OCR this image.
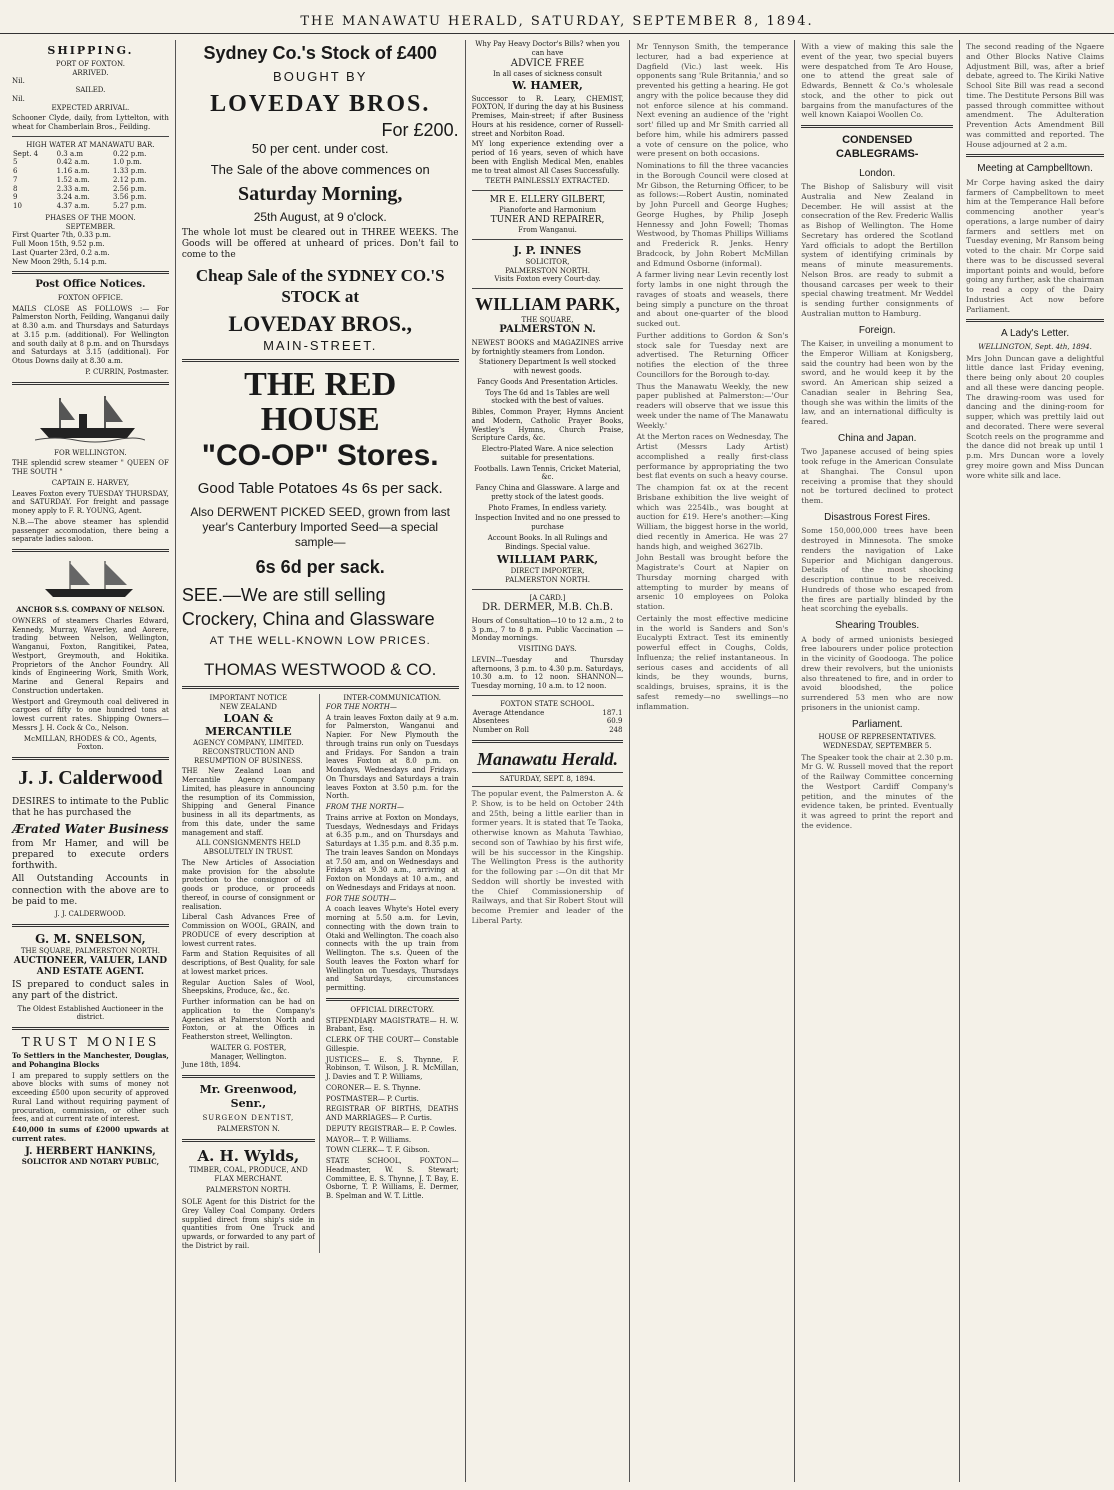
THE MANAWATU HERALD, SATURDAY, SEPTEMBER 8, 1894.
SHIPPING.
PORT OF FOXTON.
ARRIVED.
Nil.
SAILED.
Nil.
EXPECTED ARRIVAL.

Schooner Clyde, daily, from Lyttelton, with wheat for Chamberlain Bros., Feilding.

HIGH WATER AT MANAWATU BAR.
Sept. 4	0.3 a.m	0.22 p.m.
5	0.42 a.m.	1.0 p.m.
6	1.16 a.m.	1.33 p.m.
7	1.52 a.m.	2.12 p.m.
8	2.33 a.m.	2.56 p.m.
9	3.24 a.m.	3.56 p.m.
10	4.37 a.m.	5.27 p.m.
PHASES OF THE MOON.
SEPTEMBER.
First Quarter 7th, 0.33 p.m.
Full Moon 15th, 9.52 p.m.
Last Quarter 23rd, 0.2 a.m.
New Moon 29th, 5.14 p.m.
Post Office Notices.
FOXTON OFFICE.

MAILS CLOSE AS FOLLOWS :— For Palmerston North, Feilding, Wanganui daily at 8.30 a.m. and Thursdays and Saturdays at 3.15 p.m. (additional). For Wellington and south daily at 8 p.m. and on Thursdays and Saturdays at 3.15 (additional). For Otous Downs daily at 8.30 a.m.

P. CURRIN, Postmaster.
FOR WELLINGTON.

THE splendid screw steamer " QUEEN OF THE SOUTH "

CAPTAIN E. HARVEY,

Leaves Foxton every TUESDAY THURSDAY, and SATURDAY. For freight and passage money apply to F. R. YOUNG, Agent.

N.B.—The above steamer has splendid passenger accomodation, there being a separate ladies saloon.

ANCHOR S.S. COMPANY OF NELSON.

OWNERS of steamers Charles Edward, Kennedy, Murray, Waverley, and Aorere, trading between Nelson, Wellington, Wanganui, Foxton, Rangitikei, Patea, Westport, Greymouth, and Hokitika. Proprietors of the Anchor Foundry. All kinds of Engineering Work, Smith Work, Marine and General Repairs and Construction undertaken.

Westport and Greymouth coal delivered in cargoes of fifty to one hundred tons at lowest current rates. Shipping Owners— Messrs J. H. Cock & Co., Nelson.

McMILLAN, RHODES & CO., Agents, Foxton.
J. J. Calderwood

DESIRES to intimate to the Public that he has purchased the

Ærated Water Business

from Mr Hamer, and will be prepared to execute orders forthwith.

All Outstanding Accounts in connection with the above are to be paid to me.

J. J. CALDERWOOD.
G. M. SNELSON,
THE SQUARE, PALMERSTON NORTH.
AUCTIONEER, VALUER, LAND AND ESTATE AGENT.

IS prepared to conduct sales in any part of the district.

The Oldest Established Auctioneer in the district.
TRUST MONIES

To Settlers in the Manchester, Douglas, and Pohangina Blocks

I am prepared to supply settlers on the above blocks with sums of money not exceeding £500 upon security of approved Rural Land without requiring payment of procuration, commission, or other such fees, and at current rate of interest.

£40,000 in sums of £2000 upwards at current rates.

J. HERBERT HANKINS,
SOLICITOR AND NOTARY PUBLIC,
Sydney Co.'s Stock of £400
BOUGHT BY
LOVEDAY BROS.
For £200.
50 per cent. under cost.
The Sale of the above commences on
Saturday Morning,
25th August, at 9 o'clock.

The whole lot must be cleared out in THREE WEEKS. The Goods will be offered at unheard of prices. Don't fail to come to the

Cheap Sale of the SYDNEY CO.'S STOCK at
LOVEDAY BROS.,
MAIN-STREET.
THE RED HOUSE
"CO-OP" Stores.
Good Table Potatoes 4s 6s per sack.
Also DERWENT PICKED SEED, grown from last year's Canterbury Imported Seed—a special sample—
6s 6d per sack.
SEE.—We are still selling Crockery, China and Glassware
AT THE WELL-KNOWN LOW PRICES.
THOMAS WESTWOOD & CO.
IMPORTANT NOTICE
NEW ZEALAND
LOAN & MERCANTILE
AGENCY COMPANY, LIMITED.
RECONSTRUCTION AND RESUMPTION OF BUSINESS.

THE New Zealand Loan and Mercantile Agency Company Limited, has pleasure in announcing the resumption of its Commission, Shipping and General Finance business in all its departments, as from this date, under the same management and staff.

ALL CONSIGNMENTS HELD ABSOLUTELY IN TRUST.

The New Articles of Association make provision for the absolute protection to the consignor of all goods or produce, or proceeds thereof, in course of consignment or realisation.

Liberal Cash Advances Free of Commission on WOOL, GRAIN, and PRODUCE of every description at lowest current rates.

Farm and Station Requisites of all descriptions, of Best Quality, for sale at lowest market prices.

Regular Auction Sales of Wool, Sheepskins, Produce, &c., &c.

Further information can be had on application to the Company's Agencies at Palmerston North and Foxton, or at the Offices in Featherston street, Wellington.

WALTER G. FOSTER,
Manager, Wellington.
June 18th, 1894.
Mr. Greenwood, Senr.,
SURGEON DENTIST,
PALMERSTON N.
A. H. Wylds,
TIMBER, COAL, PRODUCE, AND FLAX MERCHANT.
PALMERSTON NORTH.

SOLE Agent for this District for the Grey Valley Coal Company. Orders supplied direct from ship's side in quantities from One Truck and upwards, or forwarded to any part of the District by rail.

INTER-COMMUNICATION.
FOR THE NORTH—

A train leaves Foxton daily at 9 a.m. for Palmerston, Wanganui and Napier. For New Plymouth the through trains run only on Tuesdays and Fridays. For Sandon a train leaves Foxton at 8.0 p.m. on Mondays, Wednesdays and Fridays. On Thursdays and Saturdays a train leaves Foxton at 3.50 p.m. for the North.

FROM THE NORTH—

Trains arrive at Foxton on Mondays, Tuesdays, Wednesdays and Fridays at 6.35 p.m., and on Thursdays and Saturdays at 1.35 p.m. and 8.35 p.m. The train leaves Sandon on Mondays at 7.50 am, and on Wednesdays and Fridays at 9.30 a.m., arriving at Foxton on Mondays at 10 a.m., and on Wednesdays and Fridays at noon.

FOR THE SOUTH—

A coach leaves Whyte's Hotel every morning at 5.50 a.m. for Levin, connecting with the down train to Otaki and Wellington. The coach also connects with the up train from Wellington. The s.s. Queen of the South leaves the Foxton wharf for Wellington on Tuesdays, Thursdays and Saturdays, circumstances permitting.

OFFICIAL DIRECTORY.

STIPENDIARY MAGISTRATE— H. W. Brabant, Esq.

CLERK OF THE COURT— Constable Gillespie.

JUSTICES— E. S. Thynne, F. Robinson, T. Wilson, J. R. McMillan, J. Davies and T. P. Williams,

CORONER— E. S. Thynne.

POSTMASTER— P. Curtis.

REGISTRAR OF BIRTHS, DEATHS AND MARRIAGES— P. Curtis.

DEPUTY REGISTRAR— E. P. Cowles.

MAYOR— T. P. Williams.

TOWN CLERK— T. F. Gibson.

STATE SCHOOL, FOXTON— Headmaster, W. S. Stewart; Committee, E. S. Thynne, J. T. Bay, E. Osborne, T. P. Williams, E. Dermer, B. Spelman and W. T. Little.

Why Pay Heavy Doctor's Bills? when you can have
ADVICE FREE
In all cases of sickness consult
W. HAMER,

Successor to R. Leary, CHEMIST, FOXTON, If during the day at his Business Premises, Main-street; if after Business Hours at his residence, corner of Russell-street and Norbiton Road.

MY long experience extending over a period of 16 years, seven of which have been with English Medical Men, enables me to treat almost All Cases Successfully.

TEETH PAINLESSLY EXTRACTED.
MR E. ELLERY GILBERT,
Pianoforte and Harmonium
TUNER AND REPAIRER,
From Wanganui.
J. P. INNES
SOLICITOR,
PALMERSTON NORTH.
Visits Foxton every Court-day.
WILLIAM PARK,
THE SQUARE,
PALMERSTON N.

NEWEST BOOKS and MAGAZINES arrive by fortnightly steamers from London.

Stationery Department Is well stocked with newest goods.

Fancy Goods And Presentation Articles.

Toys The 6d and 1s Tables are well stocked with the best of values.

Bibles, Common Prayer, Hymns Ancient and Modern, Catholic Prayer Books, Westley's Hymns, Church Praise, Scripture Cards, &c.

Electro-Plated Ware. A nice selection suitable for presentations.

Footballs. Lawn Tennis, Cricket Material, &c.

Fancy China and Glassware. A large and pretty stock of the latest goods.

Photo Frames, In endless variety.

Inspection Invited and no one pressed to purchase

Account Books. In all Rulings and Bindings. Special value.

WILLIAM PARK,
DIRECT IMPORTER,
PALMERSTON NORTH.
[A CARD.]
DR. DERMER, M.B. Ch.B.

Hours of Consultation—10 to 12 a.m., 2 to 3 p.m., 7 to 8 p.m. Public Vaccination — Monday mornings.

VISITING DAYS.

LEVIN—Tuesday and Thursday afternoons, 3 p.m. to 4.30 p.m. Saturdays, 10.30 a.m. to 12 noon. SHANNON—Tuesday morning, 10 a.m. to 12 noon.

FOXTON STATE SCHOOL.
Average Attendance	187.1
Absentees	60.9
Number on Roll	248
Manawatu Herald.
SATURDAY, SEPT. 8, 1894.

The popular event, the Palmerston A. & P. Show, is to be held on October 24th and 25th, being a little earlier than in former years. It is stated that Te Taoka, otherwise known as Mahuta Tawhiao, second son of Tawhiao by his first wife, will be his successor in the Kingship. The Wellington Press is the authority for the following par :—On dit that Mr Seddon will shortly be invested with the Chief Commissionership of Railways, and that Sir Robert Stout will become Premier and leader of the Liberal Party.

Mr Tennyson Smith, the temperance lecturer, had a bad experience at Dagfield (Vic.) last week. His opponents sang 'Rule Britannia,' and so prevented his getting a hearing. He got angry with the police because they did not enforce silence at his command. Next evening an audience of the 'right sort' filled up and Mr Smith carried all before him, while his admirers passed a vote of censure on the police, who were present on both occasions.

Nominations to fill the three vacancies in the Borough Council were closed at Mr Gibson, the Returning Officer, to be as follows:—Robert Austin, nominated by John Purcell and George Hughes; George Hughes, by Philip Joseph Hennessy and John Fowell; Thomas Westwood, by Thomas Phillips Williams and Frederick R. Jenks. Henry Bradcock, by John Robert McMillan and Edmund Osborne (informal).

A farmer living near Levin recently lost forty lambs in one night through the ravages of stoats and weasels, there being simply a puncture on the throat and about one-quarter of the blood sucked out.

Further additions to Gordon & Son's stock sale for Tuesday next are advertised. The Returning Officer notifies the election of the three Councillors for the Borough to-day.

Thus the Manawatu Weekly, the new paper published at Palmerston:—'Our readers will observe that we issue this week under the name of The Manawatu Weekly.'

At the Merton races on Wednesday, The Artist (Messrs Lady Artist) accomplished a really first-class performance by appropriating the two best flat events on such a heavy course.

The champion fat ox at the recent Brisbane exhibition the live weight of which was 2254lb., was bought at auction for £19. Here's another:—King William, the biggest horse in the world, died recently in America. He was 27 hands high, and weighed 3627lb.

John Bestall was brought before the Magistrate's Court at Napier on Thursday morning charged with attempting to murder by means of arsenic 10 employees on Poloka station.

Certainly the most effective medicine in the world is Sanders and Son's Eucalypti Extract. Test its eminently powerful effect in Coughs, Colds, Influenza; the relief instantaneous. In serious cases and accidents of all kinds, be they wounds, burns, scaldings, bruises, sprains, it is the safest remedy—no swellings—no inflammation.

With a view of making this sale the event of the year, two special buyers were despatched from Te Aro House, one to attend the great sale of Edwards, Bennett & Co.'s wholesale stock, and the other to pick out bargains from the manufactures of the well known Kaiapoi Woollen Co.

CONDENSED CABLEGRAMS-
London.

The Bishop of Salisbury will visit Australia and New Zealand in December. He will assist at the consecration of the Rev. Frederic Wallis as Bishop of Wellington. The Home Secretary has ordered the Scotland Yard officials to adopt the Bertillon system of identifying criminals by means of minute measurements. Nelson Bros. are ready to submit a thousand carcases per week to their special chawing treatment. Mr Weddel is sending further consignments of Australian mutton to Hamburg.

Foreign.

The Kaiser, in unveiling a monument to the Emperor William at Konigsberg, said the country had been won by the sword, and he would keep it by the sword. An American ship seized a Canadian sealer in Behring Sea, though she was within the limits of the law, and an international difficulty is feared.

China and Japan.

Two Japanese accused of being spies took refuge in the American Consulate at Shanghai. The Consul upon receiving a promise that they should not be tortured declined to protect them.

Disastrous Forest Fires.

Some 150,000,000 trees have been destroyed in Minnesota. The smoke renders the navigation of Lake Superior and Michigan dangerous. Details of the most shocking description continue to be received. Hundreds of those who escaped from the fires are partially blinded by the heat scorching the eyeballs.

Shearing Troubles.

A body of armed unionists besieged free labourers under police protection in the vicinity of Goodooga. The police drew their revolvers, but the unionists also threatened to fire, and in order to avoid bloodshed, the police surrendered 53 men who are now prisoners in the unionist camp.

Parliament.
HOUSE OF REPRESENTATIVES.
WEDNESDAY, SEPTEMBER 5.

The Speaker took the chair at 2.30 p.m. Mr G. W. Russell moved that the report of the Railway Committee concerning the Westport Cardiff Company's petition, and the minutes of the evidence taken, be printed. Eventually it was agreed to print the report and the evidence.

The second reading of the Ngaere and Other Blocks Native Claims Adjustment Bill, was, after a brief debate, agreed to. The Kiriki Native School Site Bill was read a second time. The Destitute Persons Bill was passed through committee without amendment. The Adulteration Prevention Acts Amendment Bill was committed and reported. The House adjourned at 2 a.m.

Meeting at Campbelltown.

Mr Corpe having asked the dairy farmers of Campbelltown to meet him at the Temperance Hall before commencing another year's operations, a large number of dairy farmers and settlers met on Tuesday evening, Mr Ransom being voted to the chair. Mr Corpe said there was to be discussed several important points and would, before going any further, ask the chairman to read a copy of the Dairy Industries Act now before Parliament.

A Lady's Letter.
WELLINGTON, Sept. 4th, 1894.

Mrs John Duncan gave a delightful little dance last Friday evening, there being only about 20 couples and all these were dancing people. The drawing-room was used for dancing and the dining-room for supper, which was prettily laid out and decorated. There were several Scotch reels on the programme and the dance did not break up until 1 p.m. Mrs Duncan wore a lovely grey moire gown and Miss Duncan wore white silk and lace.
